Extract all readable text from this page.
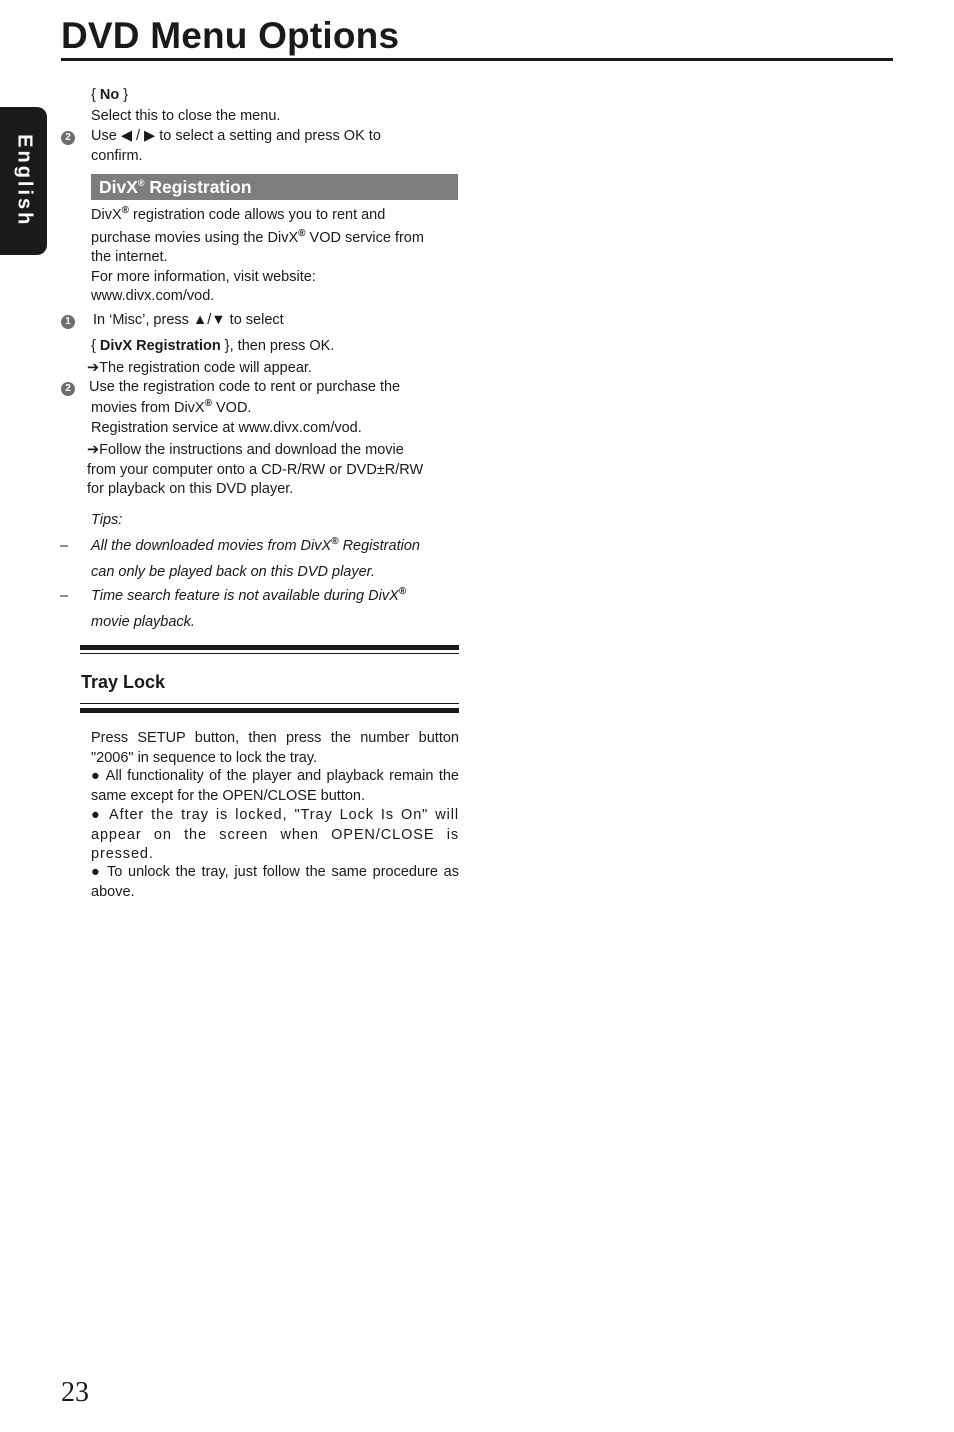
DVD Menu Options
English
{ No }
Select this to close the menu.
2 Use ◀ / ▶ to select a setting and press OK to
confirm.
DivX® Registration
DivX® registration code allows you to rent and
purchase movies using the DivX® VOD service from
the internet.
For more information, visit website:
www.divx.com/vod.
1 In ‘Misc’, press ▲/▼ to select
{ DivX Registration }, then press OK.
➔The registration code will appear.
2 Use the registration code to rent or purchase the
movies from DivX® VOD.
Registration service at www.divx.com/vod.
➔Follow the instructions and download the movie
from your computer onto a CD-R/RW or DVD±R/RW
for playback on this DVD player.
Tips:
– All the downloaded movies from DivX® Registration
can only be played back on this DVD player.
– Time search feature is not available during DivX®
movie playback.
Tray Lock
Press SETUP button, then press the number button "2006" in sequence to lock the tray.
● All functionality of the player and playback remain the same except for the OPEN/CLOSE button.
● After the tray is locked, "Tray Lock Is On" will appear on the screen when OPEN/CLOSE is pressed.
● To unlock the tray, just follow the same procedure as above.
23
